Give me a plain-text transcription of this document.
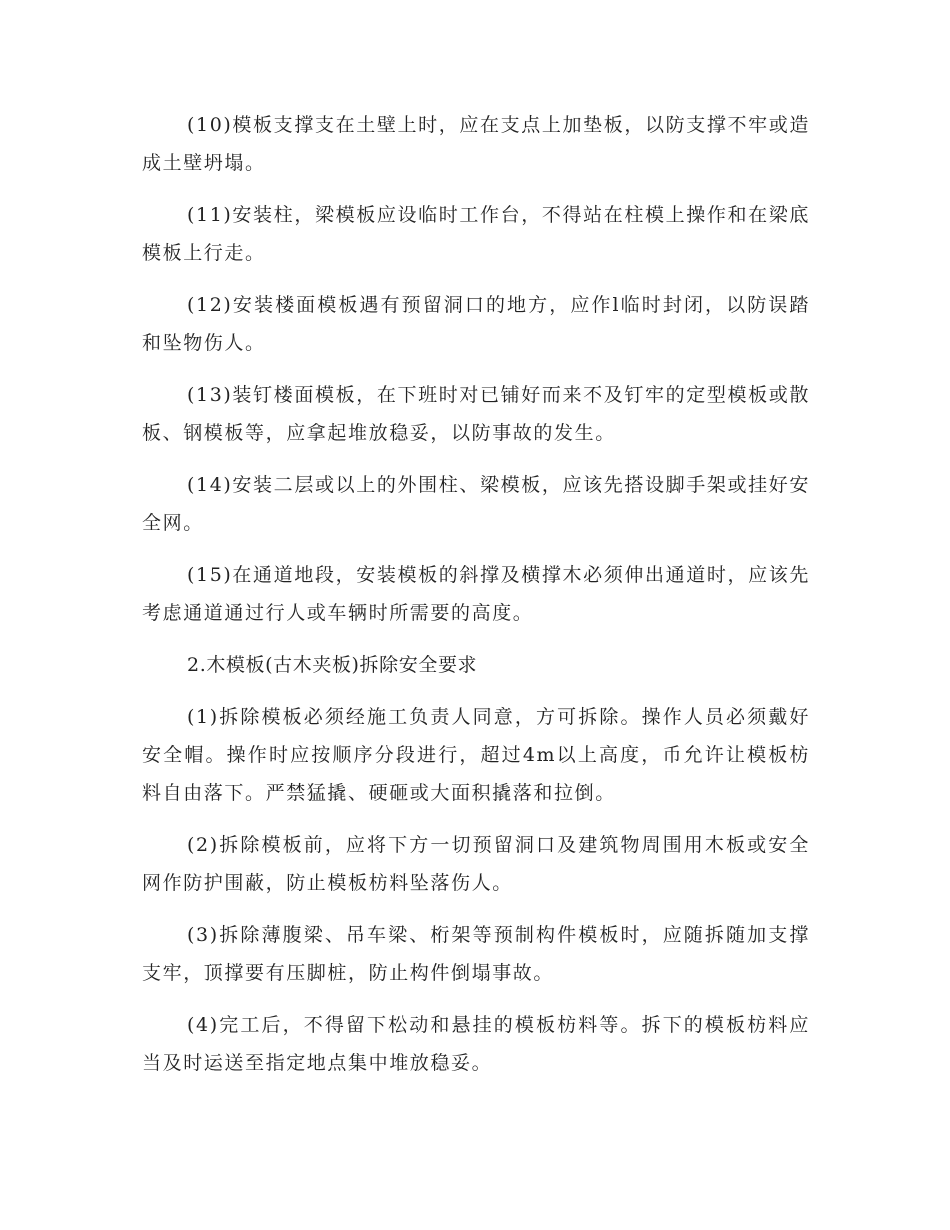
(10)模板支撑支在土壁上时，应在支点上加垫板，以防支撑不牢或造成土壁坍塌。

(11)安装柱，梁模板应设临时工作台，不得站在柱模上操作和在梁底模板上行走。

(12)安装楼面模板遇有预留洞口的地方，应作l临时封闭，以防误踏和坠物伤人。

(13)装钉楼面模板，在下班时对已铺好而来不及钉牢的定型模板或散板、钢模板等，应拿起堆放稳妥，以防事故的发生。

(14)安装二层或以上的外围柱、梁模板，应该先搭设脚手架或挂好安全网。

(15)在通道地段，安装模板的斜撑及横撑木必须伸出通道时，应该先考虑通道通过行人或车辆时所需要的高度。

2.木模板(古木夹板)拆除安全要求

(1)拆除模板必须经施工负责人同意，方可拆除。操作人员必须戴好安全帽。操作时应按顺序分段进行，超过4m以上高度，币允许让模板枋料自由落下。严禁猛撬、硬砸或大面积撬落和拉倒。

(2)拆除模板前，应将下方一切预留洞口及建筑物周围用木板或安全网作防护围蔽，防止模板枋料坠落伤人。

(3)拆除薄腹梁、吊车梁、桁架等预制构件模板时，应随拆随加支撑支牢，顶撑要有压脚桩，防止构件倒塌事故。

(4)完工后，不得留下松动和悬挂的模板枋料等。拆下的模板枋料应当及时运送至指定地点集中堆放稳妥。
